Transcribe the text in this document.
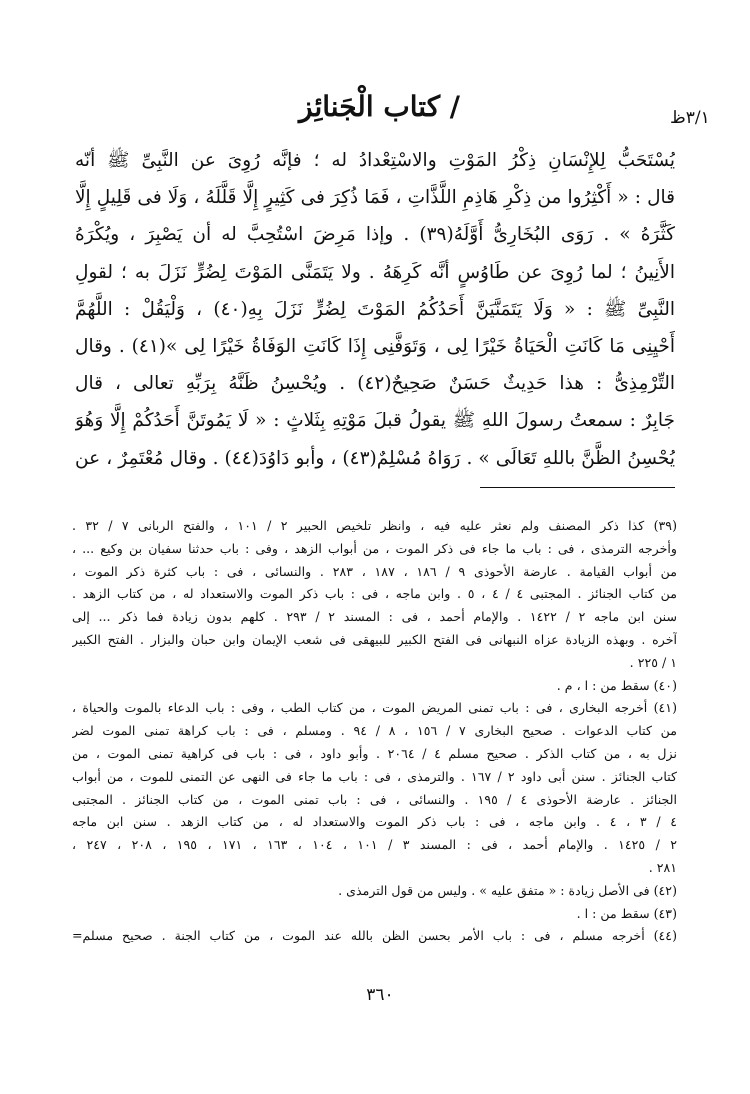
٣/١ظ
/ كتاب الْجَنائِز
يُسْتَحَبُّ لِلإِنْسَانِ ذِكْرُ المَوْتِ والاسْتِعْدادُ له ؛ فإنَّه رُوِىَ عن النَّبِىِّ ﷺ أنّه
قال : « أَكْثِرُوا من ذِكْرِ هَاذِمِ اللَّذَّاتِ ، فَمَا ذُكِرَ فى كَثِيرٍ إِلَّا قَلَّلَهُ ، وَلَا فى قَلِيلٍ إِلَّا
كَثَّرَهُ » . رَوَى البُخَارِىُّ أَوَّلَهُ(٣٩) . وإذا مَرِضَ اسْتُحِبَّ له أن يَصْبِرَ ، ويُكْرَهُ
الأَنِينُ ؛ لما رُوِىَ عن طَاوُسٍ أنَّه كَرِهَهُ . ولا يَتَمَنَّى المَوْتَ لِضُرٍّ نَزَلَ به ؛ لقولِ
النَّبِىِّ ﷺ : « وَلَا يَتَمَنَّيَنَّ أَحَدُكُمُ المَوْتَ لِضُرٍّ نَزَلَ بِهِ(٤٠) ، وَلْيَقُلْ : اللَّهُمَّ
أَحْيِنِى مَا كَانَتِ الْحَيَاةُ خَيْرًا لِى ، وَتَوَفَّنِى إِذَا كَانَتِ الوَفَاةُ خَيْرًا لِى »(٤١) . وقال
التِّرْمِذِىُّ : هذا حَدِيثٌ حَسَنٌ صَحِيحٌ(٤٢) . ويُحْسِنُ ظَنَّهُ بِرَبِّهِ تعالى ، قال
جَابِرٌ : سمعتُ رسولَ اللهِ ﷺ يقولُ قبلَ مَوْتِهِ بِثَلاثٍ : « لَا يَمُوتَنَّ أَحَدُكُمْ إِلَّا وَهُوَ
يُحْسِنُ الظَّنَّ باللهِ تَعَالَى » . رَوَاهُ مُسْلِمٌ(٤٣) ، وأبو دَاوُدَ(٤٤) . وقال مُعْتَمِرٌ ، عن
(٣٩) كذا ذكر المصنف ولم نعثر عليه فيه ، وانظر تلخيص الحبير ٢ / ١٠١ ، والفتح الربانى ٧ / ٣٢ .
وأخرجه الترمذى ، فى : باب ما جاء فى ذكر الموت ، من أبواب الزهد ، وفى : باب حدثنا سفيان بن وكيع ... ،
من أبواب القيامة . عارضة الأحوذى ٩ / ١٨٦ ، ١٨٧ ، ٢٨٣ . والنسائى ، فى : باب كثرة ذكر الموت ،
من كتاب الجنائز . المجتبى ٤ / ٤ ، ٥ . وابن ماجه ، فى : باب ذكر الموت والاستعداد له ، من كتاب الزهد .
سنن ابن ماجه ٢ / ١٤٢٢ . والإمام أحمد ، فى : المسند ٢ / ٢٩٣ . كلهم بدون زيادة فما ذكر ... إلى
آخره . وبهذه الزيادة عزاه النبهانى فى الفتح الكبير للبيهقى فى شعب الإيمان وابن حبان والبزار . الفتح الكبير
١ / ٢٢٥ .
(٤٠) سقط من : ا ، م .
(٤١) أخرجه البخارى ، فى : باب تمنى المريض الموت ، من كتاب الطب ، وفى : باب الدعاء بالموت والحياة ،
من كتاب الدعوات . صحيح البخارى ٧ / ١٥٦ ، ٨ / ٩٤ . ومسلم ، فى : باب كراهة تمنى الموت لضر
نزل به ، من كتاب الذكر . صحيح مسلم ٤ / ٢٠٦٤ . وأبو داود ، فى : باب فى كراهية تمنى الموت ، من
كتاب الجنائز . سنن أبى داود ٢ / ١٦٧ . والترمذى ، فى : باب ما جاء فى النهى عن التمنى للموت ، من أبواب
الجنائز . عارضة الأحوذى ٤ / ١٩٥ . والنسائى ، فى : باب تمنى الموت ، من كتاب الجنائز . المجتبى
٤ / ٣ ، ٤ . وابن ماجه ، فى : باب ذكر الموت والاستعداد له ، من كتاب الزهد . سنن ابن ماجه
٢ / ١٤٢٥ . والإمام أحمد ، فى : المسند ٣ / ١٠١ ، ١٠٤ ، ١٦٣ ، ١٧١ ، ١٩٥ ، ٢٠٨ ، ٢٤٧ ،
٢٨١ .
(٤٢) فى الأصل زيادة : « متفق عليه » . وليس من قول الترمذى .
(٤٣) سقط من : ا .
(٤٤) أخرجه مسلم ، فى : باب الأمر بحسن الظن بالله عند الموت ، من كتاب الجنة . صحيح مسلم=
٣٦٠
